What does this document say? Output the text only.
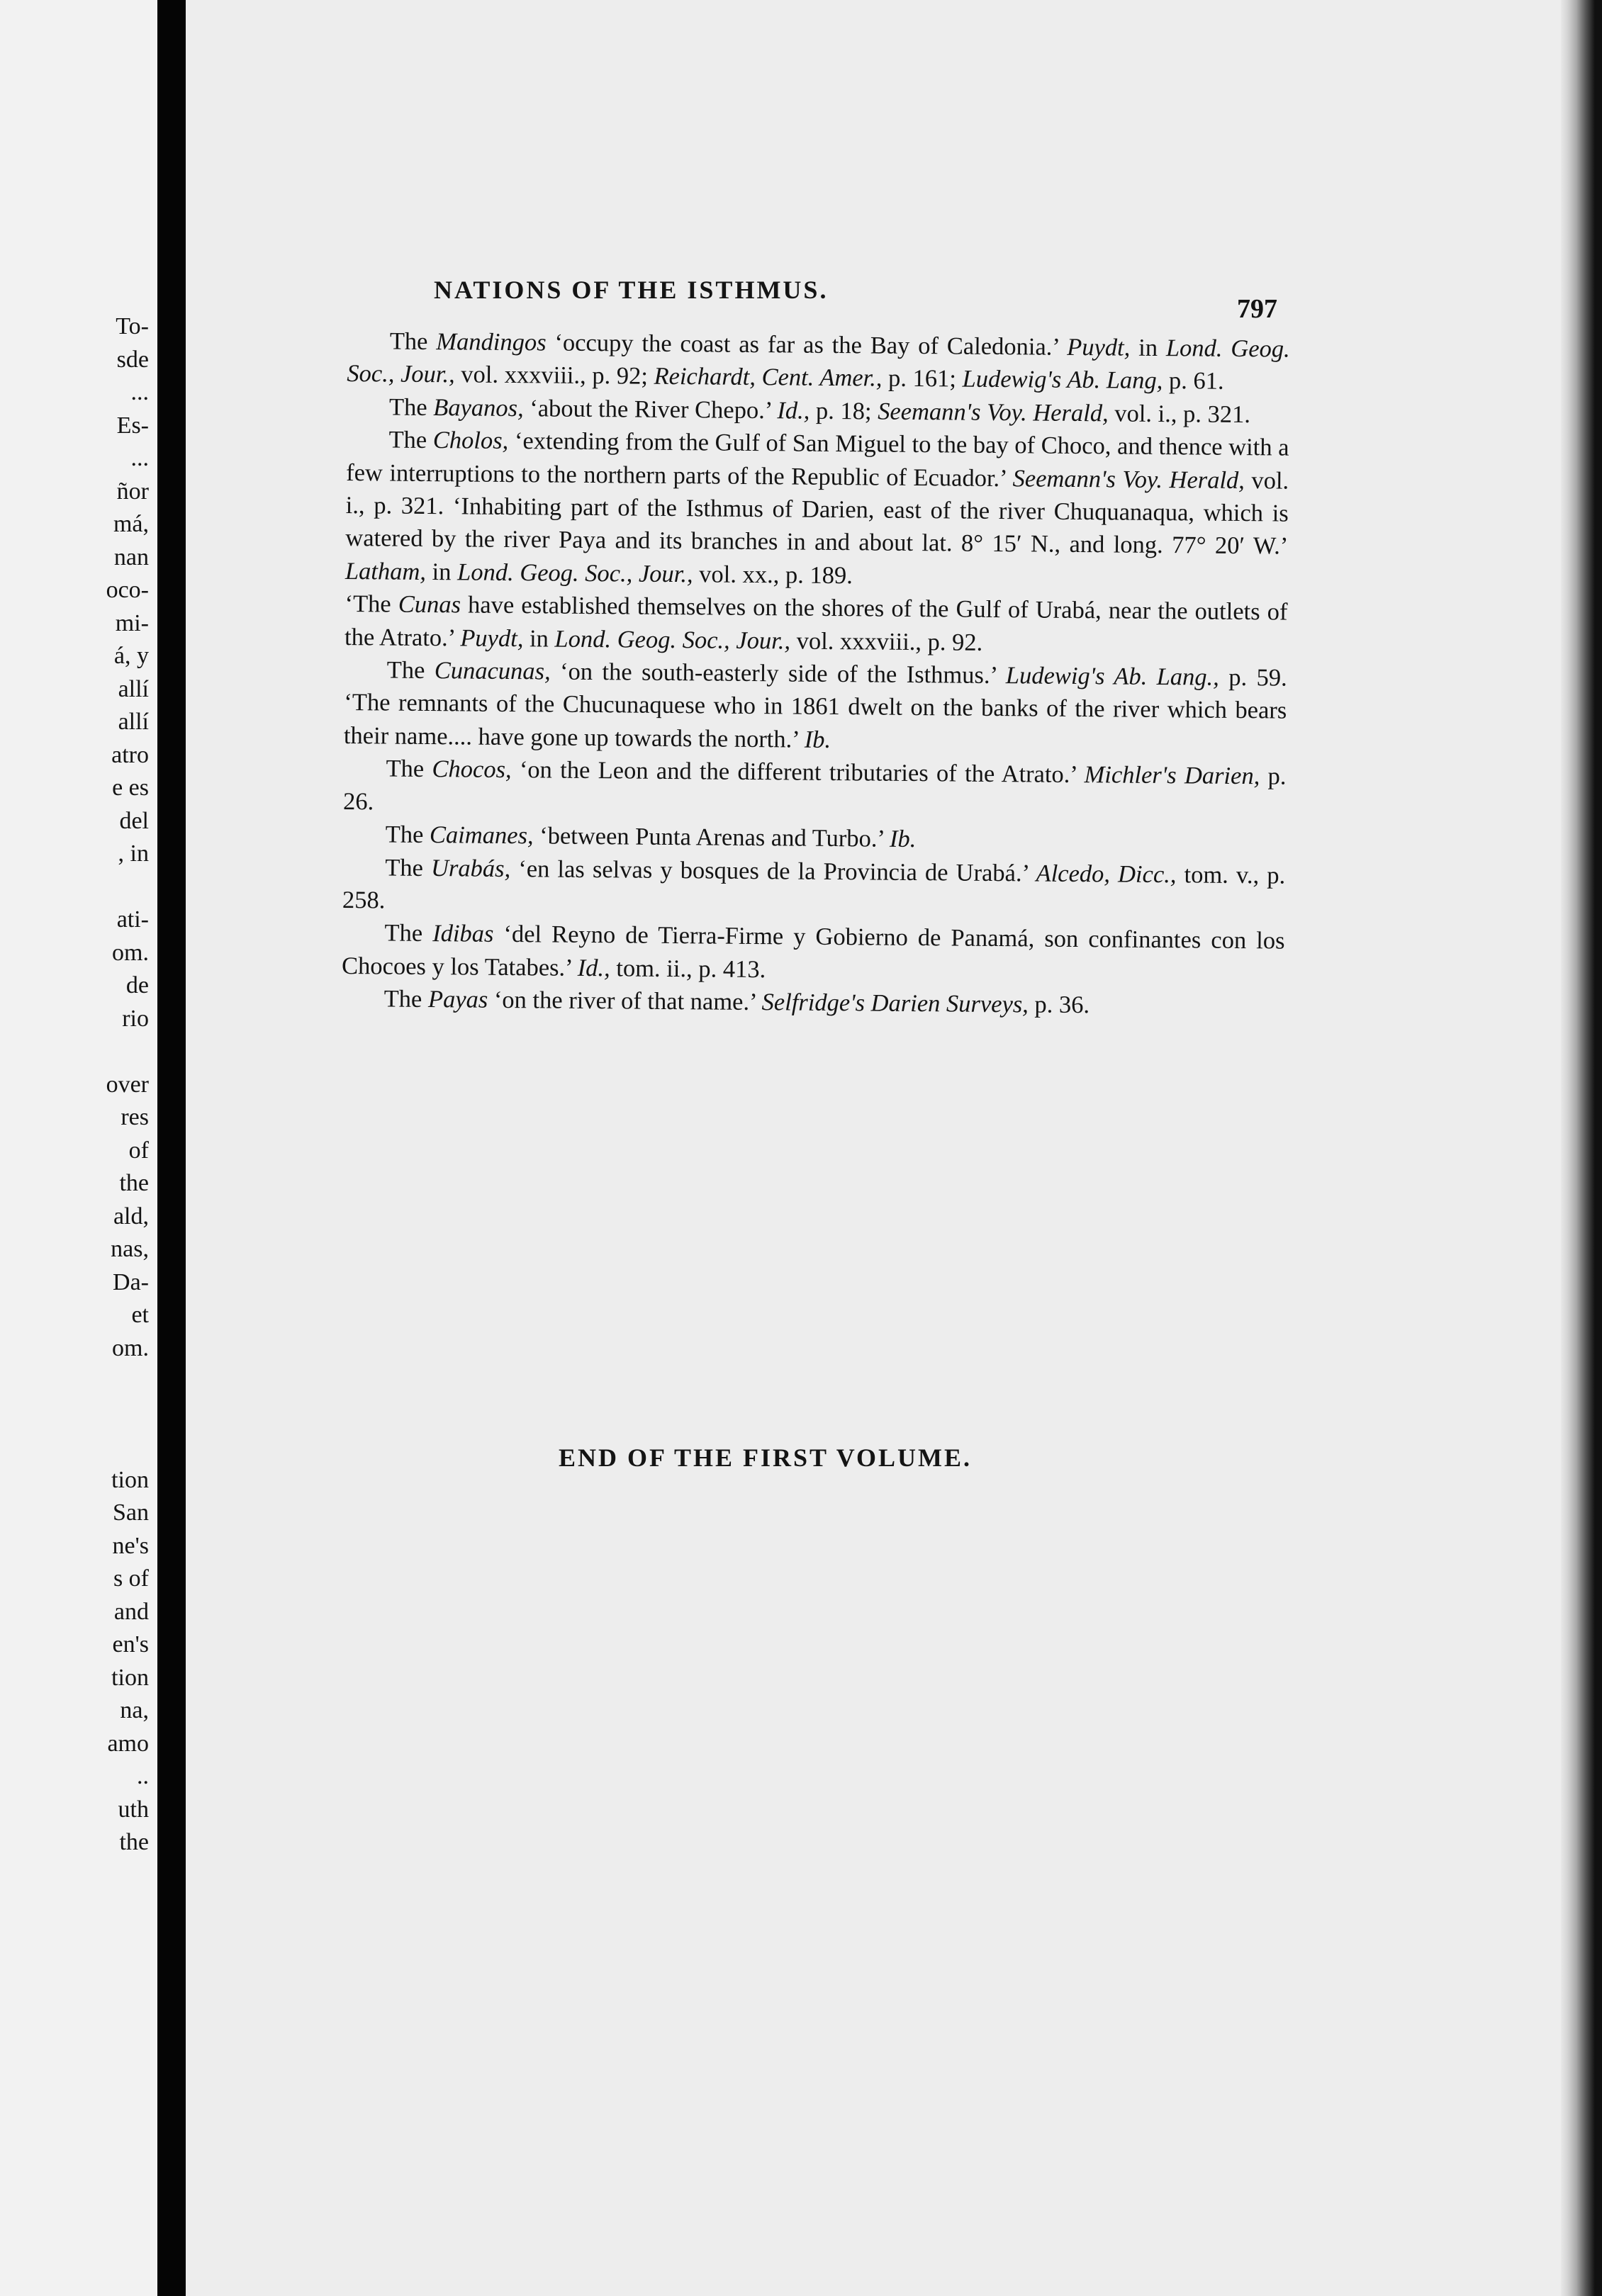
To-
sde
...
Es-
...
ñor
má,
nan
oco-
mi-
á, y
allí
allí
atro
e es
del
, in
ati-
om.
de
rio
over
res
of
the
ald,
nas,
Da-
et
om.
tion
San
ne's
s of
and
en's
tion
na,
amo
..
uth
the
NATIONS OF THE ISTHMUS.
797

The Mandingos ‘occupy the coast as far as the Bay of Caledonia.’ Puydt, in Lond. Geog. Soc., Jour., vol. xxxviii., p. 92; Reichardt, Cent. Amer., p. 161; Ludewig's Ab. Lang, p. 61.

The Bayanos, ‘about the River Chepo.’ Id., p. 18; Seemann's Voy. Herald, vol. i., p. 321.

The Cholos, ‘extending from the Gulf of San Miguel to the bay of Choco, and thence with a few interruptions to the northern parts of the Republic of Ecuador.’ Seemann's Voy. Herald, vol. i., p. 321. ‘Inhabiting part of the Isthmus of Darien, east of the river Chuquanaqua, which is watered by the river Paya and its branches in and about lat. 8° 15′ N., and long. 77° 20′ W.’ Latham, in Lond. Geog. Soc., Jour., vol. xx., p. 189.

‘The Cunas have established themselves on the shores of the Gulf of Urabá, near the outlets of the Atrato.’ Puydt, in Lond. Geog. Soc., Jour., vol. xxxviii., p. 92.

The Cunacunas, ‘on the south-easterly side of the Isthmus.’ Ludewig's Ab. Lang., p. 59. ‘The remnants of the Chucunaquese who in 1861 dwelt on the banks of the river which bears their name.... have gone up towards the north.’ Ib.

The Chocos, ‘on the Leon and the different tributaries of the Atrato.’ Michler's Darien, p. 26.

The Caimanes, ‘between Punta Arenas and Turbo.’ Ib.

The Urabás, ‘en las selvas y bosques de la Provincia de Urabá.’ Alcedo, Dicc., tom. v., p. 258.

The Idibas ‘del Reyno de Tierra-Firme y Gobierno de Panamá, son confinantes con los Chocoes y los Tatabes.’ Id., tom. ii., p. 413.

The Payas ‘on the river of that name.’ Selfridge's Darien Surveys, p. 36.

END OF THE FIRST VOLUME.
